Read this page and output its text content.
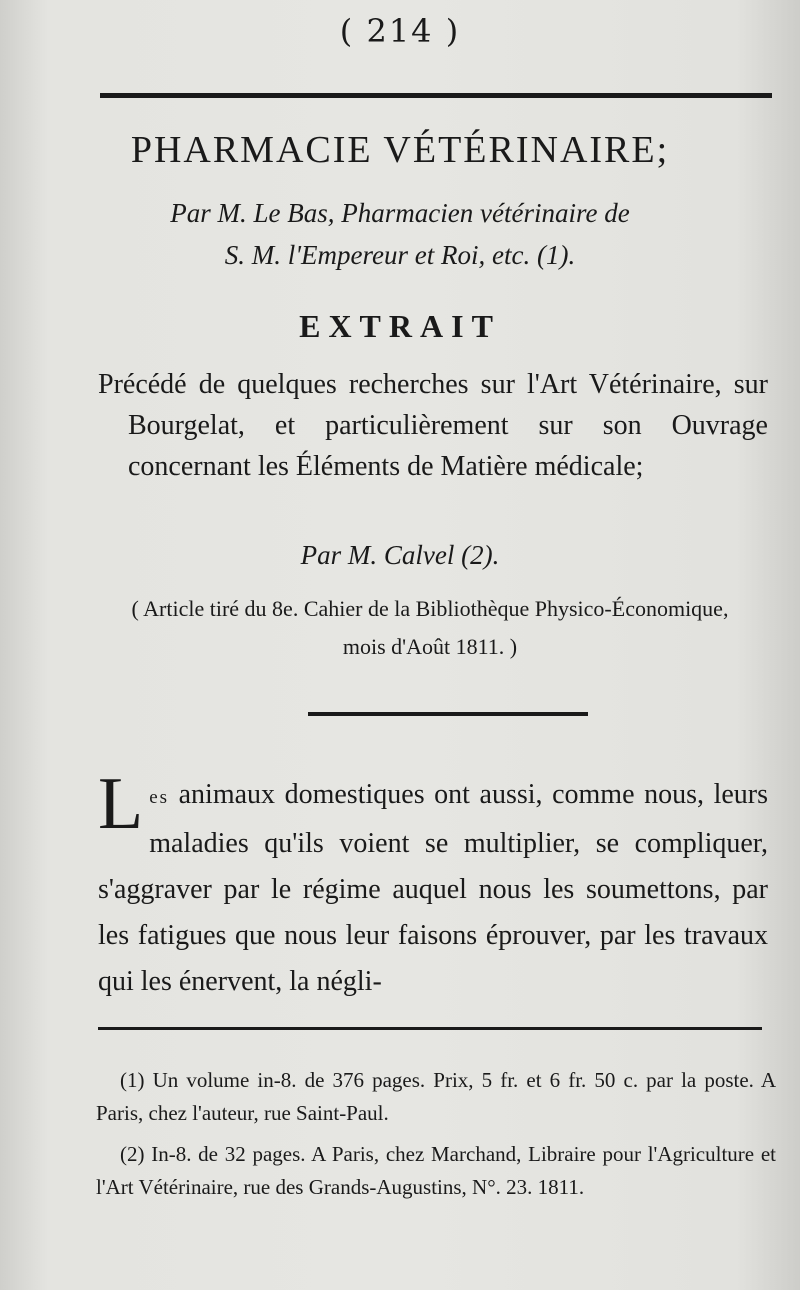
( 214 )
PHARMACIE VÉTÉRINAIRE;
Par M. Le Bas, Pharmacien vétérinaire de
S. M. l'Empereur et Roi, etc. (1).
EXTRAIT
Précédé de quelques recherches sur l'Art Vétérinaire, sur Bourgelat, et particulièrement sur son Ouvrage concernant les Éléments de Matière médicale;
Par M. Calvel (2).
( Article tiré du 8e. Cahier de la Bibliothèque Physico-Économique, mois d'Août 1811. )
Les animaux domestiques ont aussi, comme nous, leurs maladies qu'ils voient se multiplier, se compliquer, s'aggraver par le régime auquel nous les soumettons, par les fatigues que nous leur faisons éprouver, par les travaux qui les énervent, la négli-
(1) Un volume in-8. de 376 pages. Prix, 5 fr. et 6 fr. 50 c. par la poste. A Paris, chez l'auteur, rue Saint-Paul.
(2) In-8. de 32 pages. A Paris, chez Marchand, Libraire pour l'Agriculture et l'Art Vétérinaire, rue des Grands-Augustins, N°. 23. 1811.
